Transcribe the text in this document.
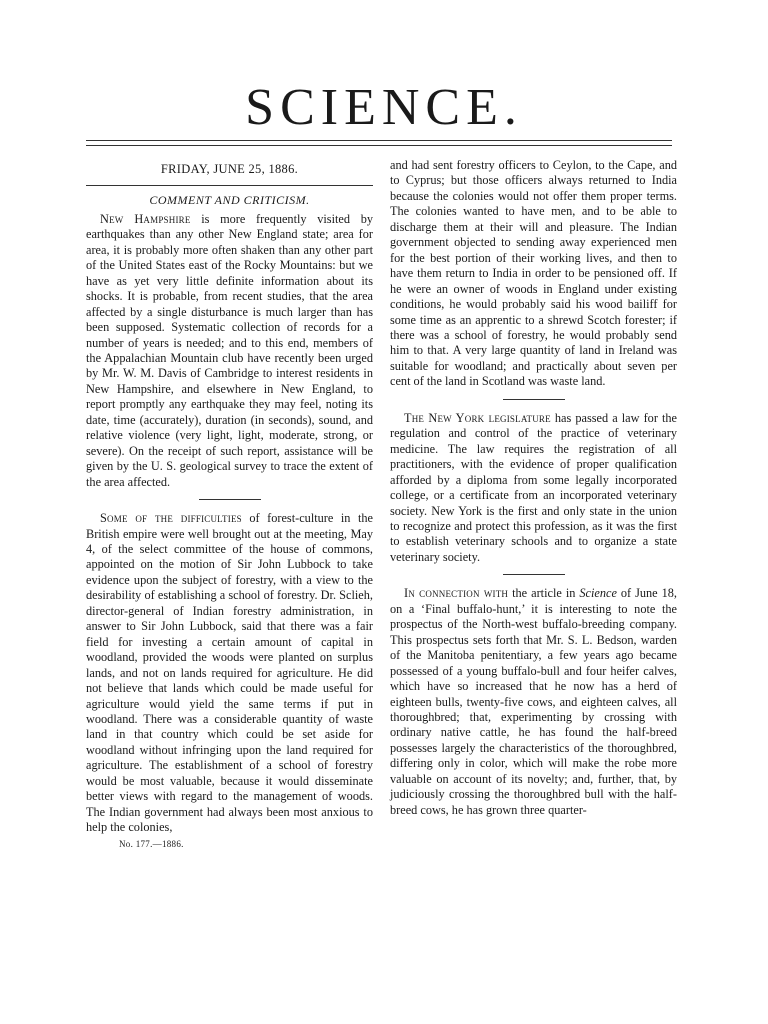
SCIENCE.
FRIDAY, JUNE 25, 1886.
COMMENT AND CRITICISM.

New Hampshire is more frequently visited by earthquakes than any other New England state; area for area, it is probably more often shaken than any other part of the United States east of the Rocky Mountains: but we have as yet very little definite information about its shocks. It is probable, from recent studies, that the area affected by a single disturbance is much larger than has been supposed. Systematic collection of records for a number of years is needed; and to this end, members of the Appalachian Mountain club have recently been urged by Mr. W. M. Davis of Cambridge to interest residents in New Hampshire, and elsewhere in New England, to report promptly any earthquake they may feel, noting its date, time (accurately), duration (in seconds), sound, and relative violence (very light, light, moderate, strong, or severe). On the receipt of such report, assistance will be given by the U. S. geological survey to trace the extent of the area affected.

Some of the difficulties of forest-culture in the British empire were well brought out at the meeting, May 4, of the select committee of the house of commons, appointed on the motion of Sir John Lubbock to take evidence upon the subject of forestry, with a view to the desirability of establishing a school of forestry. Dr. Sclieh, director-general of Indian forestry administration, in answer to Sir John Lubbock, said that there was a fair field for investing a certain amount of capital in woodland, provided the woods were planted on surplus lands, and not on lands required for agriculture. He did not believe that lands which could be made useful for agriculture would yield the same terms if put in woodland. There was a considerable quantity of waste land in that country which could be set aside for woodland without infringing upon the land required for agriculture. The establishment of a school of forestry would be most valuable, because it would disseminate better views with regard to the management of woods. The Indian government had always been most anxious to help the colonies,

No. 177.—1886.

and had sent forestry officers to Ceylon, to the Cape, and to Cyprus; but those officers always returned to India because the colonies would not offer them proper terms. The colonies wanted to have men, and to be able to discharge them at their will and pleasure. The Indian government objected to sending away experienced men for the best portion of their working lives, and then to have them return to India in order to be pensioned off. If he were an owner of woods in England under existing conditions, he would probably said his wood bailiff for some time as an apprentic to a shrewd Scotch forester; if there was a school of forestry, he would probably send him to that. A very large quantity of land in Ireland was suitable for woodland; and practically about seven per cent of the land in Scotland was waste land.

The New York legislature has passed a law for the regulation and control of the practice of veterinary medicine. The law requires the registration of all practitioners, with the evidence of proper qualification afforded by a diploma from some legally incorporated college, or a certificate from an incorporated veterinary society. New York is the first and only state in the union to recognize and protect this profession, as it was the first to establish veterinary schools and to organize a state veterinary society.

In connection with the article in Science of June 18, on a ‘Final buffalo-hunt,’ it is interesting to note the prospectus of the North-west buffalo-breeding company. This prospectus sets forth that Mr. S. L. Bedson, warden of the Manitoba penitentiary, a few years ago became possessed of a young buffalo-bull and four heifer calves, which have so increased that he now has a herd of eighteen bulls, twenty-five cows, and eighteen calves, all thoroughbred; that, experimenting by crossing with ordinary native cattle, he has found the half-breed possesses largely the characteristics of the thoroughbred, differing only in color, which will make the robe more valuable on account of its novelty; and, further, that, by judiciously crossing the thoroughbred bull with the half-breed cows, he has grown three quarter-
